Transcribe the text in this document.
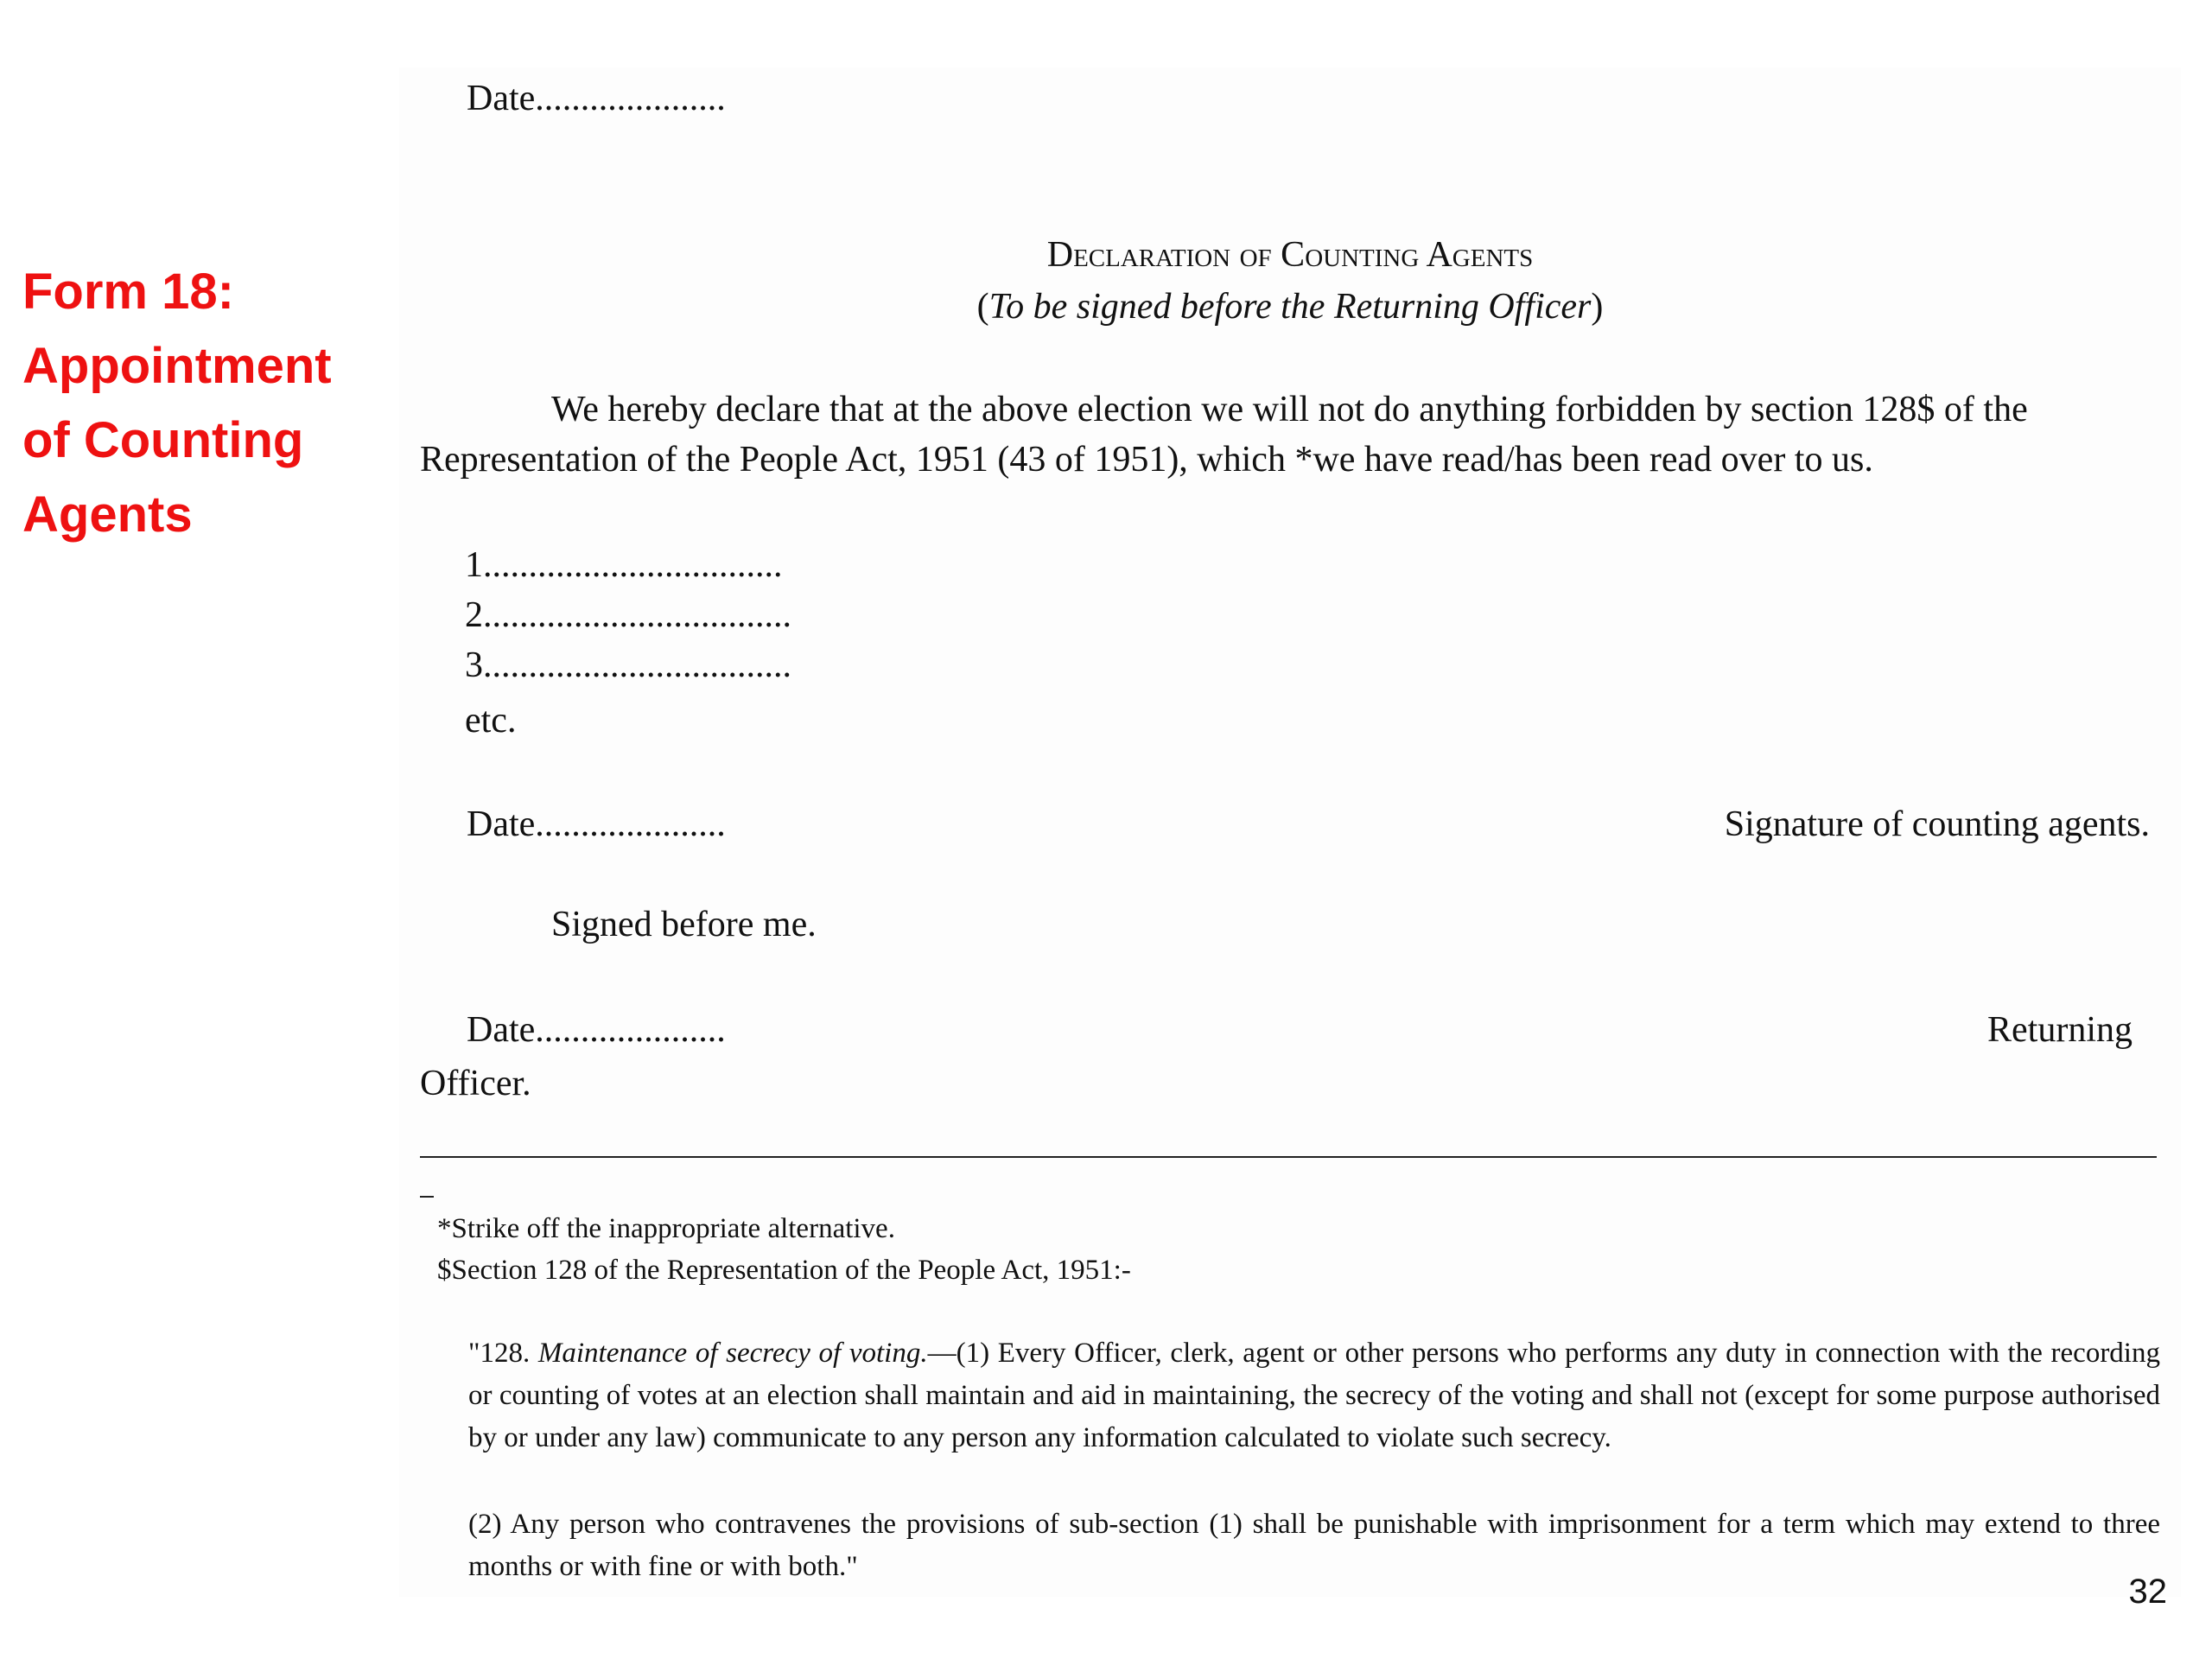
Form 18:
Appointment
of Counting
Agents
Date.....................
Declaration of Counting Agents
(To be signed before the Returning Officer)
We hereby declare that at the above election we will not do anything forbidden by section 128$ of the
Representation of the People Act, 1951 (43 of 1951), which *we have read/has been read over to us.
1.................................
2..................................
3..................................
etc.
Date.....................	Signature of counting agents.
Signed before me.
Date.....................	Returning
Officer.
*Strike off the inappropriate alternative.
$Section 128 of the Representation of the People Act, 1951:-
"128. Maintenance of secrecy of voting.—(1) Every Officer, clerk, agent or other persons who performs any duty in connection with the recording or counting of votes at an election shall maintain and aid in maintaining, the secrecy of the voting and shall not (except for some purpose authorised by or under any law) communicate to any person any information calculated to violate such secrecy.
(2) Any person who contravenes the provisions of sub-section (1) shall be punishable with imprisonment for a term which may extend to three months or with fine or with both."
32
